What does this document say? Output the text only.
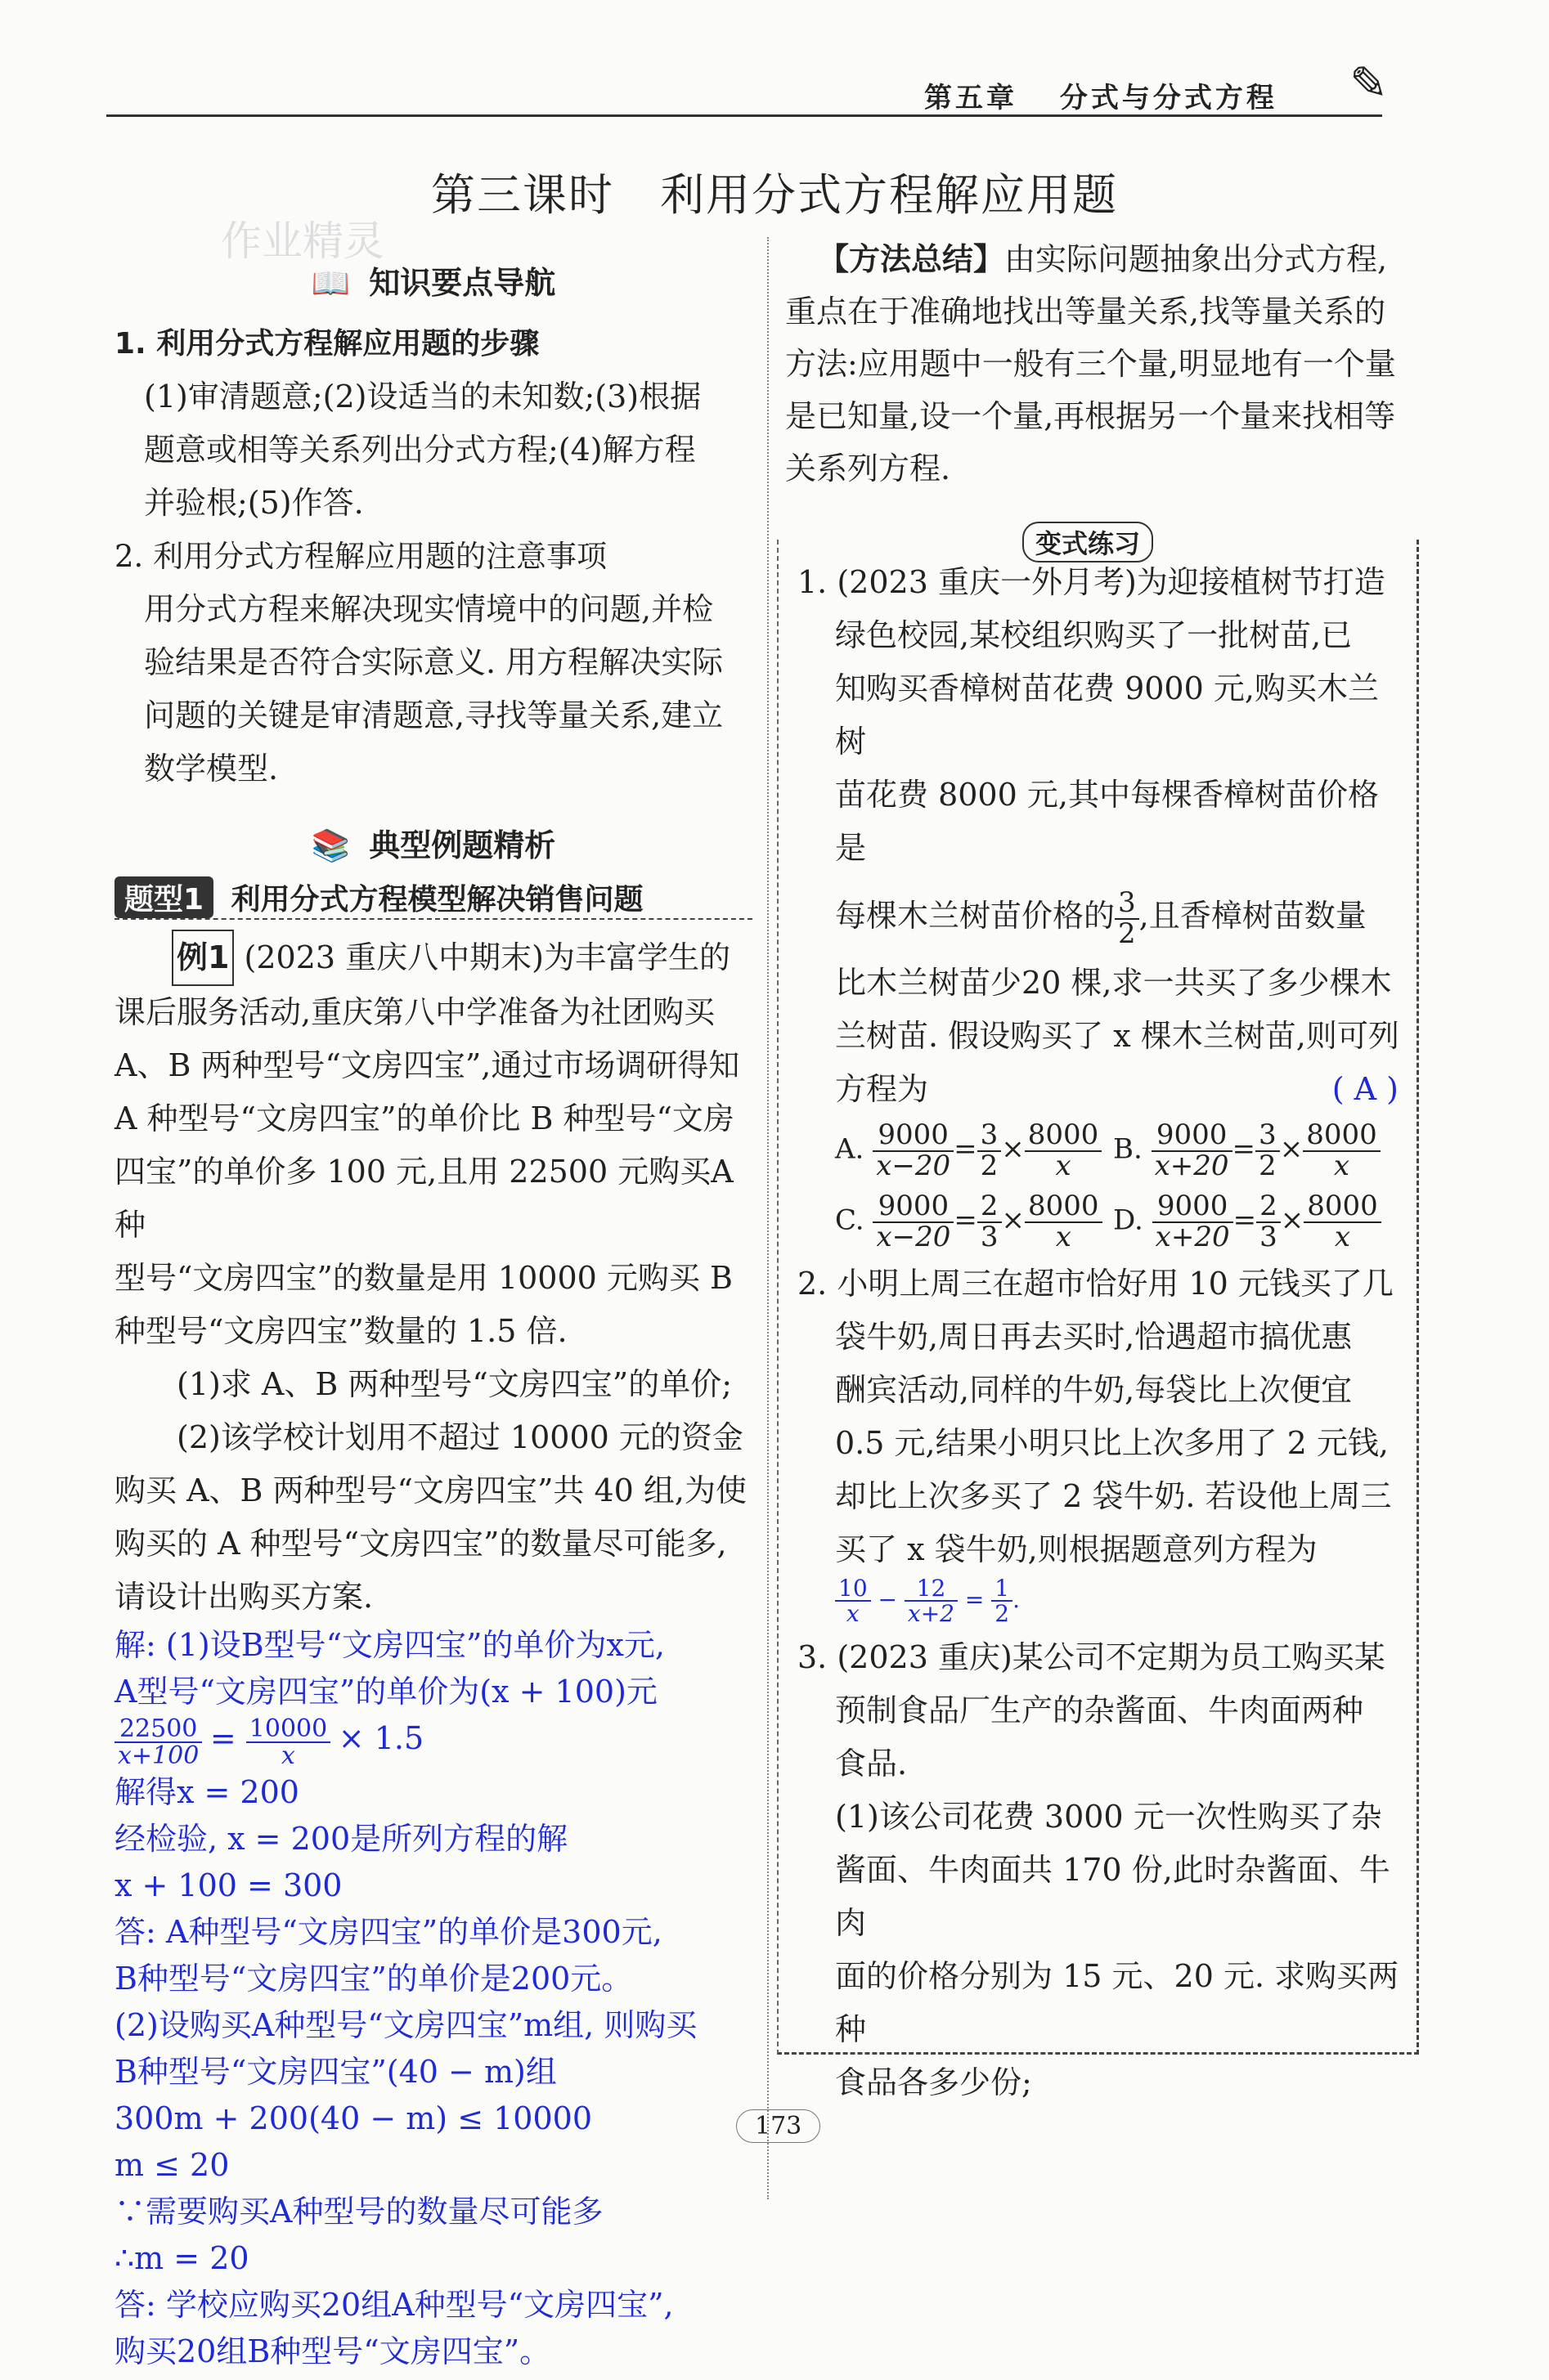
第五章 分式与分式方程 ✎
第三课时　利用分式方程解应用题
作业精灵
📖 知识要点导航
1. 利用分式方程解应用题的步骤
(1)审清题意;(2)设适当的未知数;(3)根据
题意或相等关系列出分式方程;(4)解方程
并验根;(5)作答.
2. 利用分式方程解应用题的注意事项
用分式方程来解决现实情境中的问题,并检
验结果是否符合实际意义. 用方程解决实际
问题的关键是审清题意,寻找等量关系,建立
数学模型.
📚 典型例题精析
题型1 利用分式方程模型解决销售问题
例1 (2023 重庆八中期末)为丰富学生的
课后服务活动,重庆第八中学准备为社团购买
A、B 两种型号“文房四宝”,通过市场调研得知
A 种型号“文房四宝”的单价比 B 种型号“文房
四宝”的单价多 100 元,且用 22500 元购买A 种
型号“文房四宝”的数量是用 10000 元购买 B
种型号“文房四宝”数量的 1.5 倍.
(1)求 A、B 两种型号“文房四宝”的单价;
(2)该学校计划用不超过 10000 元的资金
购买 A、B 两种型号“文房四宝”共 40 组,为使
购买的 A 种型号“文房四宝”的数量尽可能多,
请设计出购买方案.
解: (1)设B型号“文房四宝”的单价为x元,
A型号“文房四宝”的单价为(x + 100)元
$\frac{22500}{x+100} = \frac{10000}{x} \times 1.5$
解得x = 200
经检验, x = 200是所列方程的解
x + 100 = 300
答: A种型号“文房四宝”的单价是300元,
B种型号“文房四宝”的单价是200元。
(2)设购买A种型号“文房四宝”m组, 则购买
B种型号“文房四宝”(40 − m)组
300m + 200(40 − m) ≤ 10000
m ≤ 20
∵需要购买A种型号的数量尽可能多
∴m = 20
答: 学校应购买20组A种型号“文房四宝”,
购买20组B种型号“文房四宝”。
【方法总结】由实际问题抽象出分式方程,
重点在于准确地找出等量关系,找等量关系的
方法:应用题中一般有三个量,明显地有一个量
是已知量,设一个量,再根据另一个量来找相等
关系列方程.
变式练习
1. (2023 重庆一外月考)为迎接植树节打造
绿色校园,某校组织购买了一批树苗,已
知购买香樟树苗花费 9000 元,购买木兰树
苗花费 8000 元,其中每棵香樟树苗价格是
每棵木兰树苗价格的 $\frac{3}{2}$ ,且香樟树苗数量
比木兰树苗少20 棵,求一共买了多少棵木
兰树苗. 假设购买了 x 棵木兰树苗,则可列
方程为	( A )
A. $\frac{9000}{x-20} = \frac{3}{2} \times \frac{8000}{x} B$. $\frac{9000}{x+20} = \frac{3}{2} \times \frac{8000}{x}$
C. $\frac{9000}{x-20} = \frac{2}{3} \times \frac{8000}{x} D$. $\frac{9000}{x+20} = \frac{2}{3} \times \frac{8000}{x}$
2. 小明上周三在超市恰好用 10 元钱买了几
袋牛奶,周日再去买时,恰遇超市搞优惠
酬宾活动,同样的牛奶,每袋比上次便宜
0.5 元,结果小明只比上次多用了 2 元钱,
却比上次多买了 2 袋牛奶. 若设他上周三
买了 x 袋牛奶,则根据题意列方程为
$\frac{10}{x} - \frac{12}{x+2} = \frac{1}{2}$ .
3. (2023 重庆)某公司不定期为员工购买某
预制食品厂生产的杂酱面、牛肉面两种
食品.
(1)该公司花费 3000 元一次性购买了杂
酱面、牛肉面共 170 份,此时杂酱面、牛肉
面的价格分别为 15 元、20 元. 求购买两种
食品各多少份;
173
